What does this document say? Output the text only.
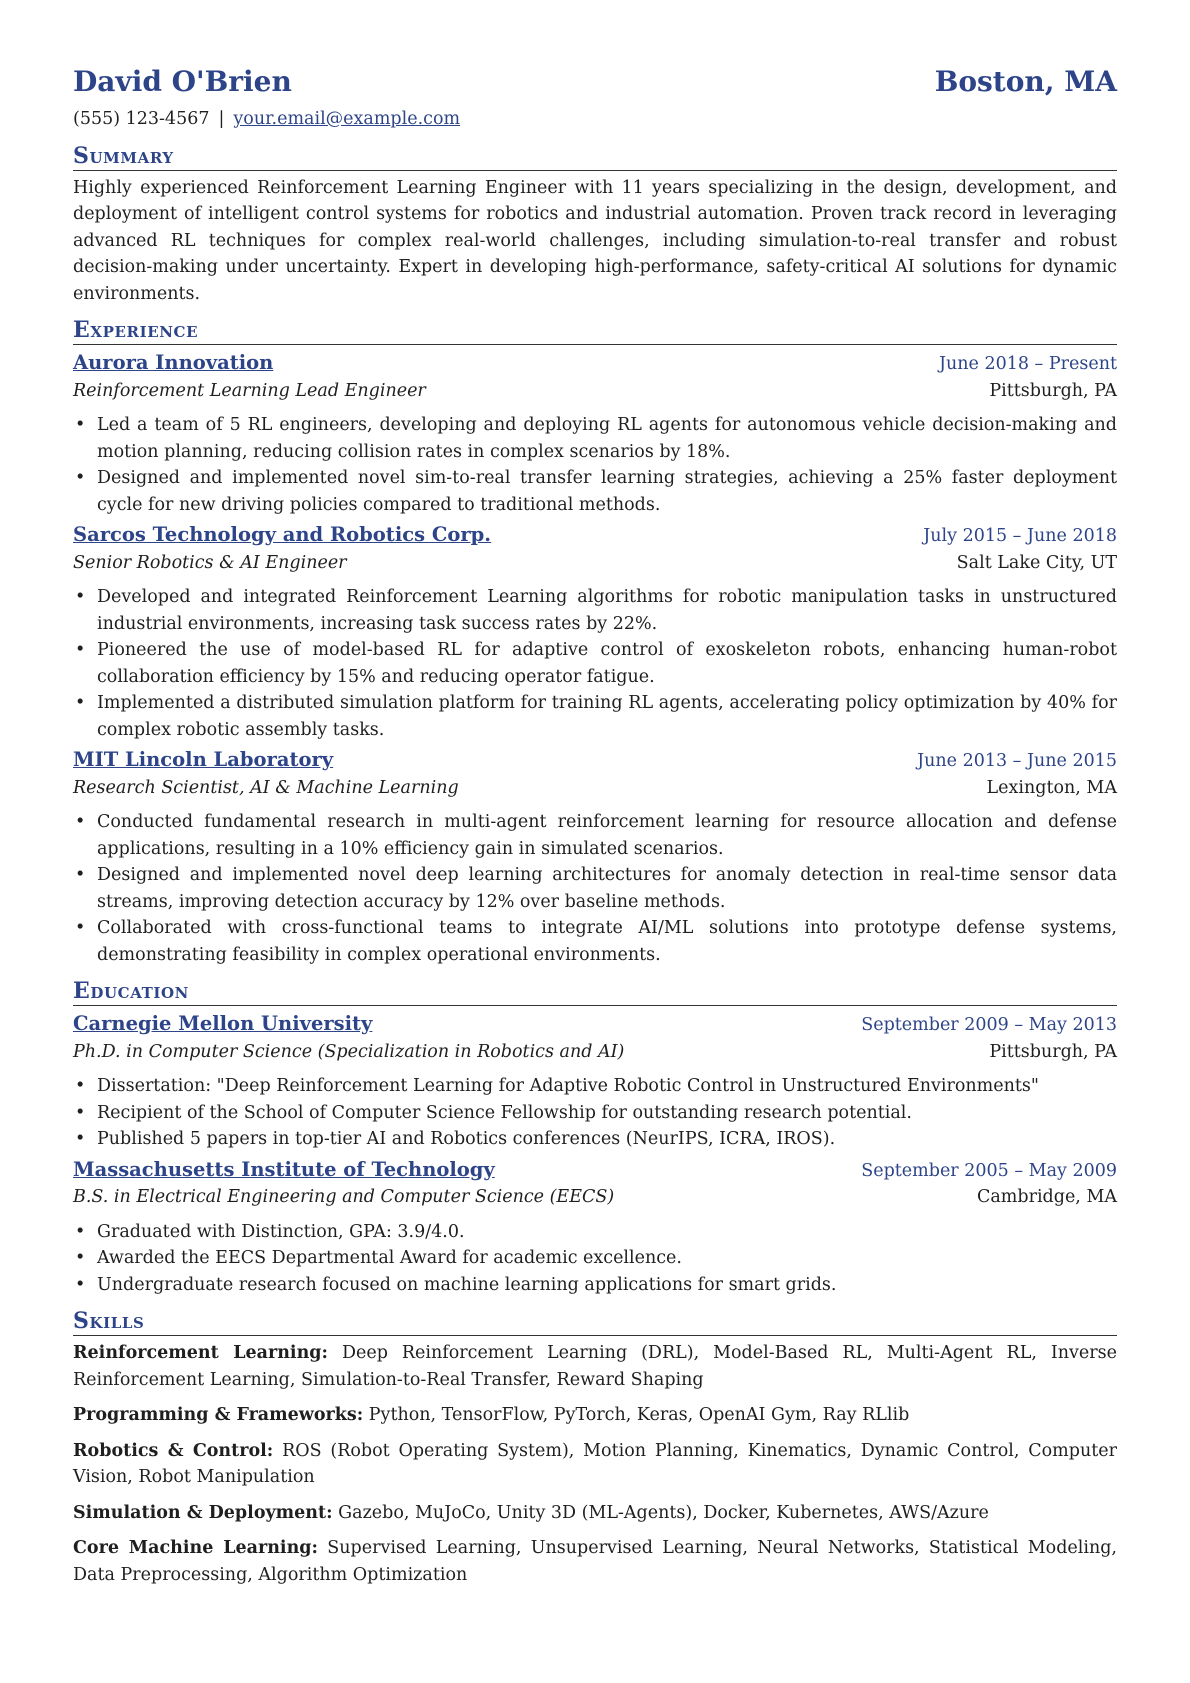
David O'Brien	Boston, MA
(555) 123-4567 | your.email@example.com
Summary

Highly experienced Reinforcement Learning Engineer with 11 years specializing in the design, development, and deployment of intelligent control systems for robotics and industrial automation. Proven track record in leveraging advanced RL techniques for complex real-world challenges, including simulation-to-real transfer and robust decision-making under uncertainty. Expert in developing high-performance, safety-critical AI solutions for dynamic environments.

Experience
Aurora Innovation	June 2018 – Present
Reinforcement Learning Lead Engineer	Pittsburgh, PA
• Led a team of 5 RL engineers, developing and deploying RL agents for autonomous vehicle decision-making and motion planning, reducing collision rates in complex scenarios by 18%.
• Designed and implemented novel sim-to-real transfer learning strategies, achieving a 25% faster deployment cycle for new driving policies compared to traditional methods.
Sarcos Technology and Robotics Corp.	July 2015 – June 2018
Senior Robotics & AI Engineer	Salt Lake City, UT
• Developed and integrated Reinforcement Learning algorithms for robotic manipulation tasks in unstructured industrial environments, increasing task success rates by 22%.
• Pioneered the use of model-based RL for adaptive control of exoskeleton robots, enhancing human-robot collaboration efficiency by 15% and reducing operator fatigue.
• Implemented a distributed simulation platform for training RL agents, accelerating policy optimization by 40% for complex robotic assembly tasks.
MIT Lincoln Laboratory	June 2013 – June 2015
Research Scientist, AI & Machine Learning	Lexington, MA
• Conducted fundamental research in multi-agent reinforcement learning for resource allocation and defense applications, resulting in a 10% efficiency gain in simulated scenarios.
• Designed and implemented novel deep learning architectures for anomaly detection in real-time sensor data streams, improving detection accuracy by 12% over baseline methods.
• Collaborated with cross-functional teams to integrate AI/ML solutions into prototype defense systems, demonstrating feasibility in complex operational environments.
Education
Carnegie Mellon University	September 2009 – May 2013
Ph.D. in Computer Science (Specialization in Robotics and AI)	Pittsburgh, PA
• Dissertation: "Deep Reinforcement Learning for Adaptive Robotic Control in Unstructured Environments"
• Recipient of the School of Computer Science Fellowship for outstanding research potential.
• Published 5 papers in top-tier AI and Robotics conferences (NeurIPS, ICRA, IROS).
Massachusetts Institute of Technology	September 2005 – May 2009
B.S. in Electrical Engineering and Computer Science (EECS)	Cambridge, MA
• Graduated with Distinction, GPA: 3.9/4.0.
• Awarded the EECS Departmental Award for academic excellence.
• Undergraduate research focused on machine learning applications for smart grids.
Skills

Reinforcement Learning: Deep Reinforcement Learning (DRL), Model-Based RL, Multi-Agent RL, Inverse Reinforcement Learning, Simulation-to-Real Transfer, Reward Shaping

Programming & Frameworks: Python, TensorFlow, PyTorch, Keras, OpenAI Gym, Ray RLlib

Robotics & Control: ROS (Robot Operating System), Motion Planning, Kinematics, Dynamic Control, Computer Vision, Robot Manipulation

Simulation & Deployment: Gazebo, MuJoCo, Unity 3D (ML-Agents), Docker, Kubernetes, AWS/Azure

Core Machine Learning: Supervised Learning, Unsupervised Learning, Neural Networks, Statistical Modeling, Data Preprocessing, Algorithm Optimization
